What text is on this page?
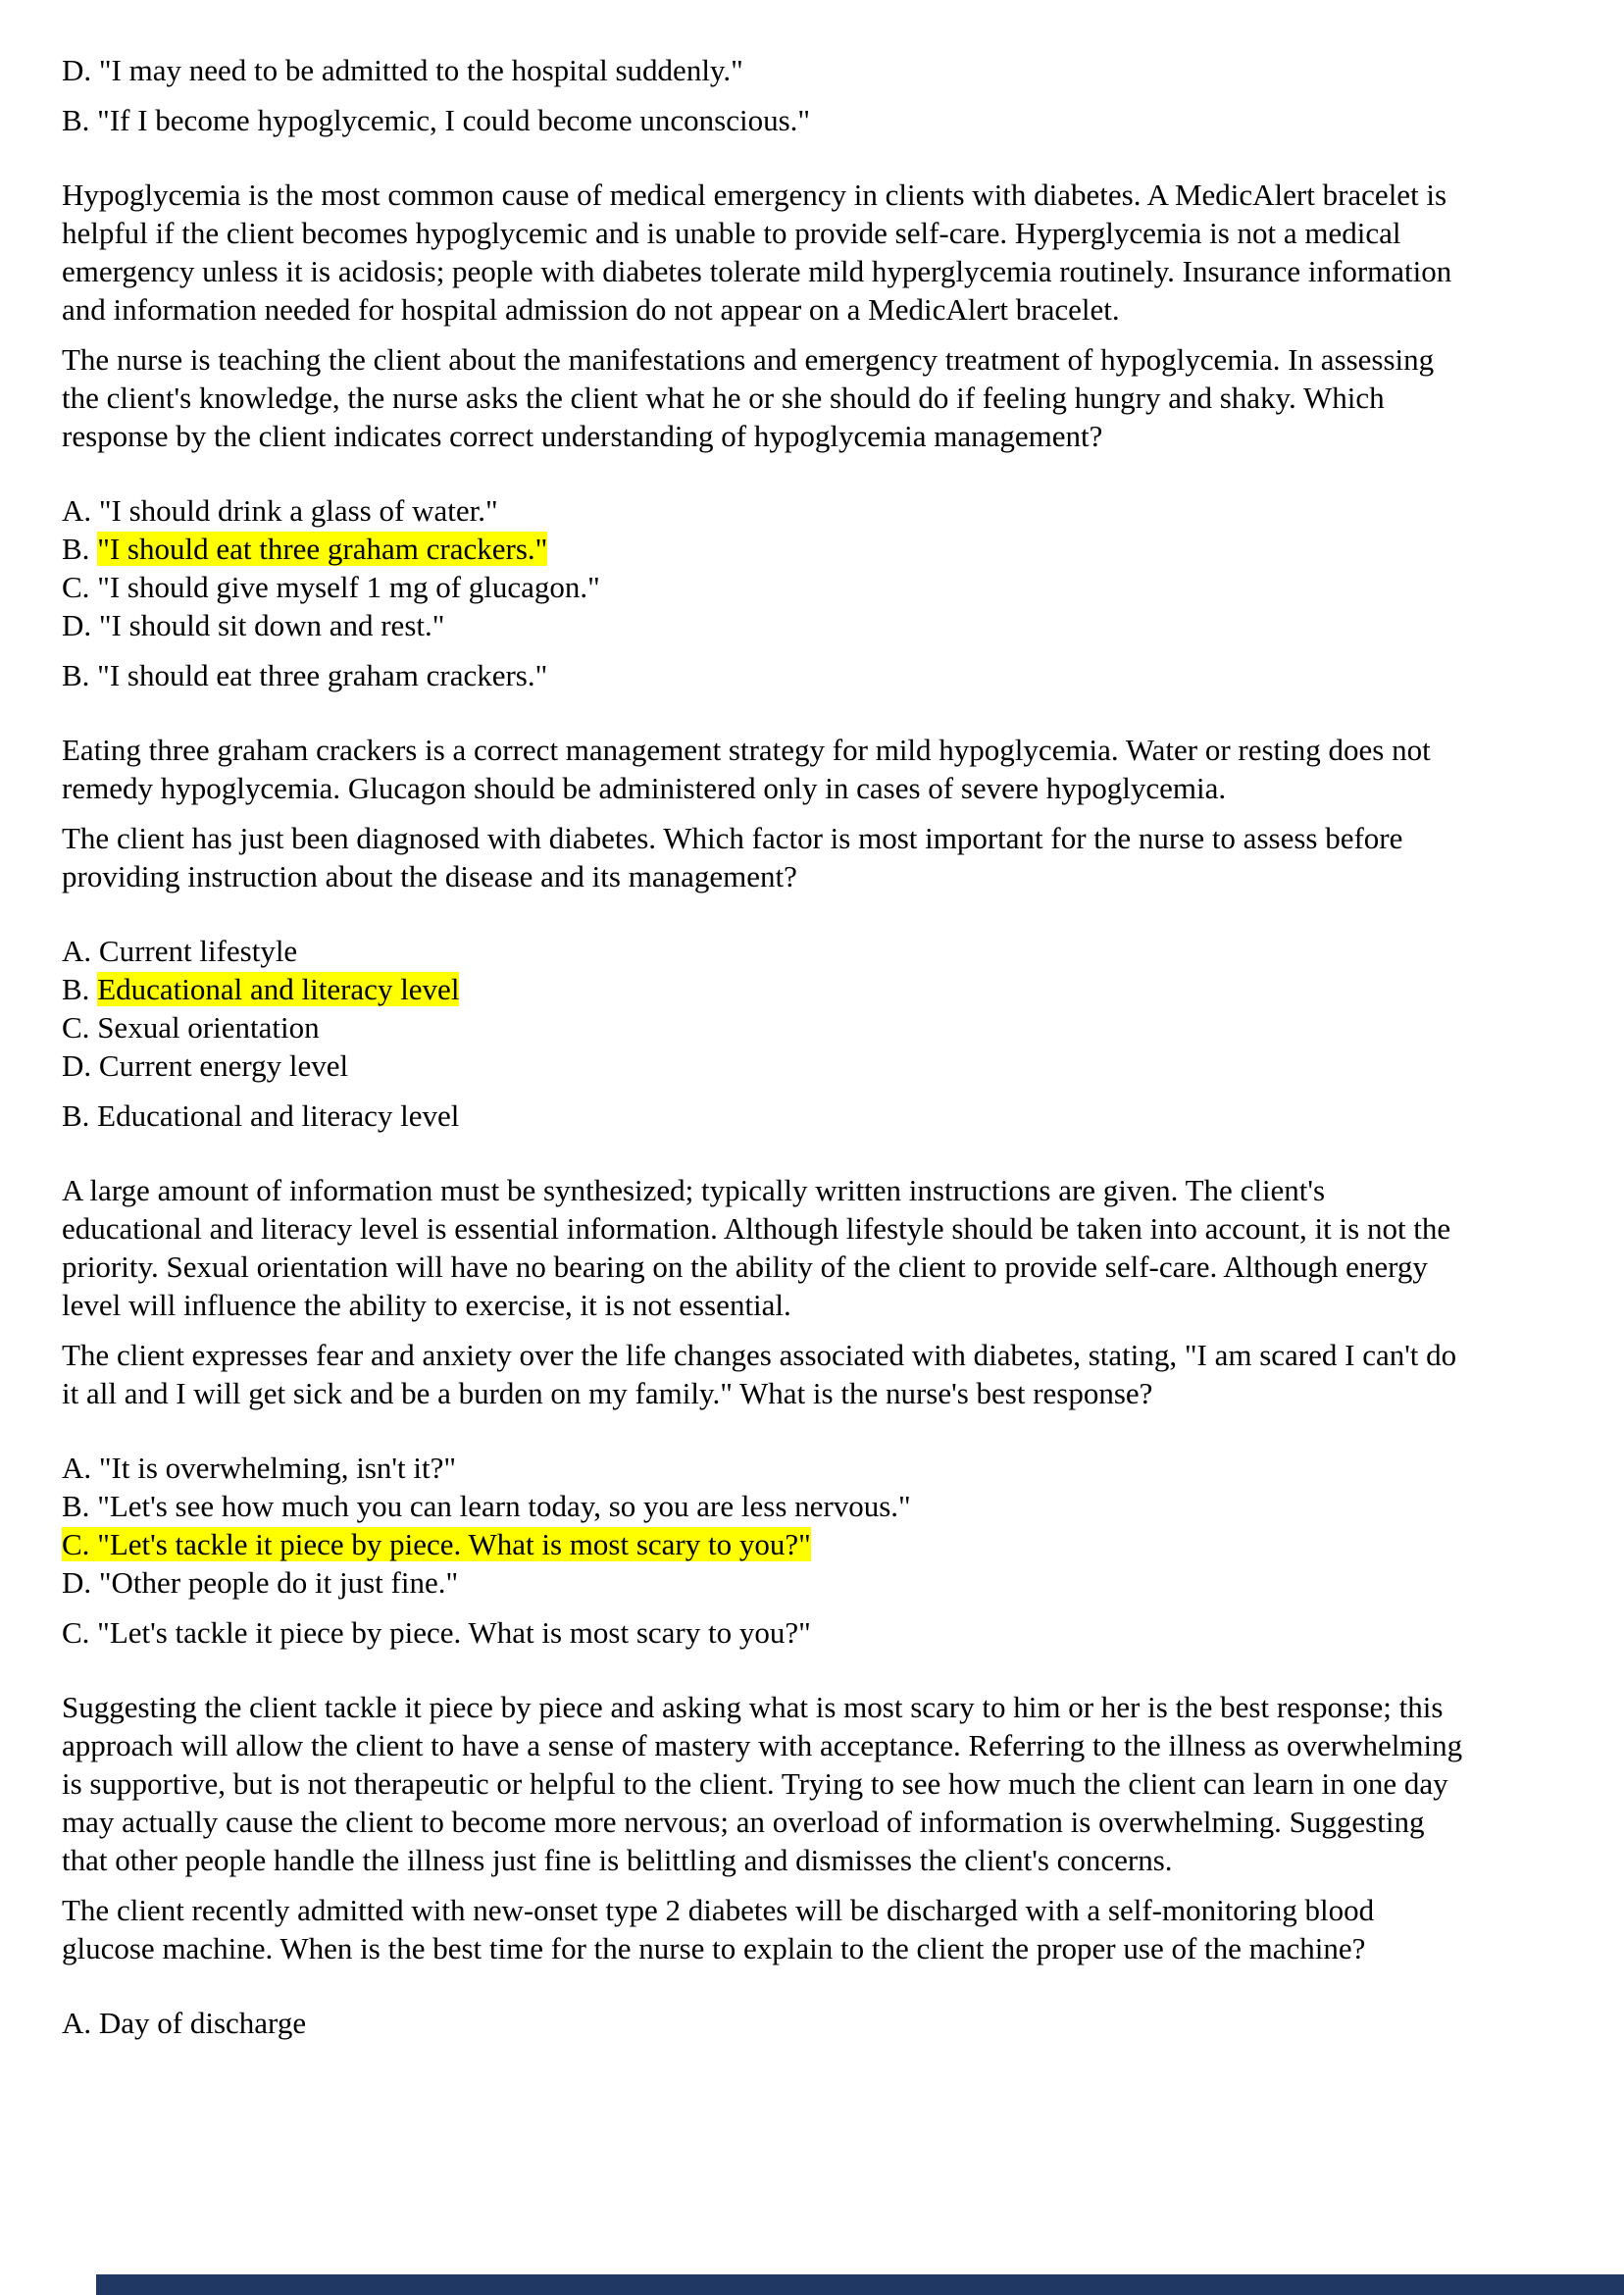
D. "I may need to be admitted to the hospital suddenly."

B. "If I become hypoglycemic, I could become unconscious."

Hypoglycemia is the most common cause of medical emergency in clients with diabetes. A MedicAlert bracelet is helpful if the client becomes hypoglycemic and is unable to provide self-care. Hyperglycemia is not a medical emergency unless it is acidosis; people with diabetes tolerate mild hyperglycemia routinely. Insurance information and information needed for hospital admission do not appear on a MedicAlert bracelet.

The nurse is teaching the client about the manifestations and emergency treatment of hypoglycemia. In assessing the client's knowledge, the nurse asks the client what he or she should do if feeling hungry and shaky. Which response by the client indicates correct understanding of hypoglycemia management?

A. "I should drink a glass of water."

B. "I should eat three graham crackers."

C. "I should give myself 1 mg of glucagon."

D. "I should sit down and rest."

B. "I should eat three graham crackers."

Eating three graham crackers is a correct management strategy for mild hypoglycemia. Water or resting does not remedy hypoglycemia. Glucagon should be administered only in cases of severe hypoglycemia.

The client has just been diagnosed with diabetes. Which factor is most important for the nurse to assess before providing instruction about the disease and its management?

A. Current lifestyle

B. Educational and literacy level

C. Sexual orientation

D. Current energy level

B. Educational and literacy level

A large amount of information must be synthesized; typically written instructions are given. The client's educational and literacy level is essential information. Although lifestyle should be taken into account, it is not the priority. Sexual orientation will have no bearing on the ability of the client to provide self-care. Although energy level will influence the ability to exercise, it is not essential.

The client expresses fear and anxiety over the life changes associated with diabetes, stating, "I am scared I can't do it all and I will get sick and be a burden on my family." What is the nurse's best response?

A. "It is overwhelming, isn't it?"

B. "Let's see how much you can learn today, so you are less nervous."

C. "Let's tackle it piece by piece. What is most scary to you?"

D. "Other people do it just fine."

C. "Let's tackle it piece by piece. What is most scary to you?"

Suggesting the client tackle it piece by piece and asking what is most scary to him or her is the best response; this approach will allow the client to have a sense of mastery with acceptance. Referring to the illness as overwhelming is supportive, but is not therapeutic or helpful to the client. Trying to see how much the client can learn in one day may actually cause the client to become more nervous; an overload of information is overwhelming. Suggesting that other people handle the illness just fine is belittling and dismisses the client's concerns.

The client recently admitted with new-onset type 2 diabetes will be discharged with a self-monitoring blood glucose machine. When is the best time for the nurse to explain to the client the proper use of the machine?

A. Day of discharge
